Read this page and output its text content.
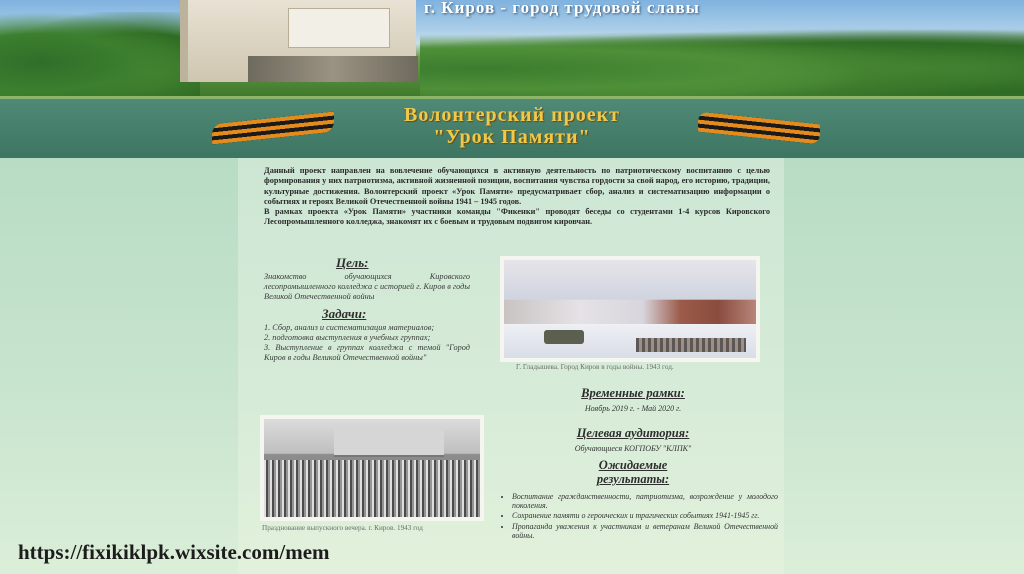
г. Киров - город трудовой славы
Волонтерский проект
"Урок Памяти"

Данный проект направлен на вовлечение обучающихся в активную деятельность по патриотическому воспитанию с целью формирования у них патриотизма, активной жизненной позиции, воспитания чувства гордости за свой народ, его историю, традиции, культурные достижения. Волонтерский проект «Урок Памяти» предусматривает сбор, анализ и систематизацию информации о событиях и героях Великой Отечественной войны 1941 – 1945 годов.

В рамках проекта «Урок Памяти» участники команды "Фикенки" проводят беседы со студентами 1-4 курсов Кировского Лесопромышленного колледжа, знакомят их с боевым и трудовым подвигом кировчан.

Цель:

Знакомство обучающихся Кировского лесопромышленного колледжа с историей г. Киров в годы Великой Отечественной войны

Задачи:

1. Сбор, анализ и систематизация материалов;

2. подготовка выступления в учебных группах;

3. Выступление в группах колледжа с темой "Город Киров в годы Великой Отечественной войны"

Г. Гладышева. Город Киров в годы войны. 1943 год.
Временные рамки:
Ноябрь 2019 г. - Май 2020 г.
Целевая аудитория:
Обучающиеся КОГПОБУ "КЛПК"
Ожидаемые
результаты:
• Воспитание гражданственности, патриотизма, возрождение у молодого поколения.
• Сохранение памяти о героических и трагических событиях 1941-1945 гг.
• Пропаганда уважения к участникам и ветеранам Великой Отечественной войны.
Празднование выпускного вечера. г. Киров. 1943 год
https://fixikiklpk.wixsite.com/mem
